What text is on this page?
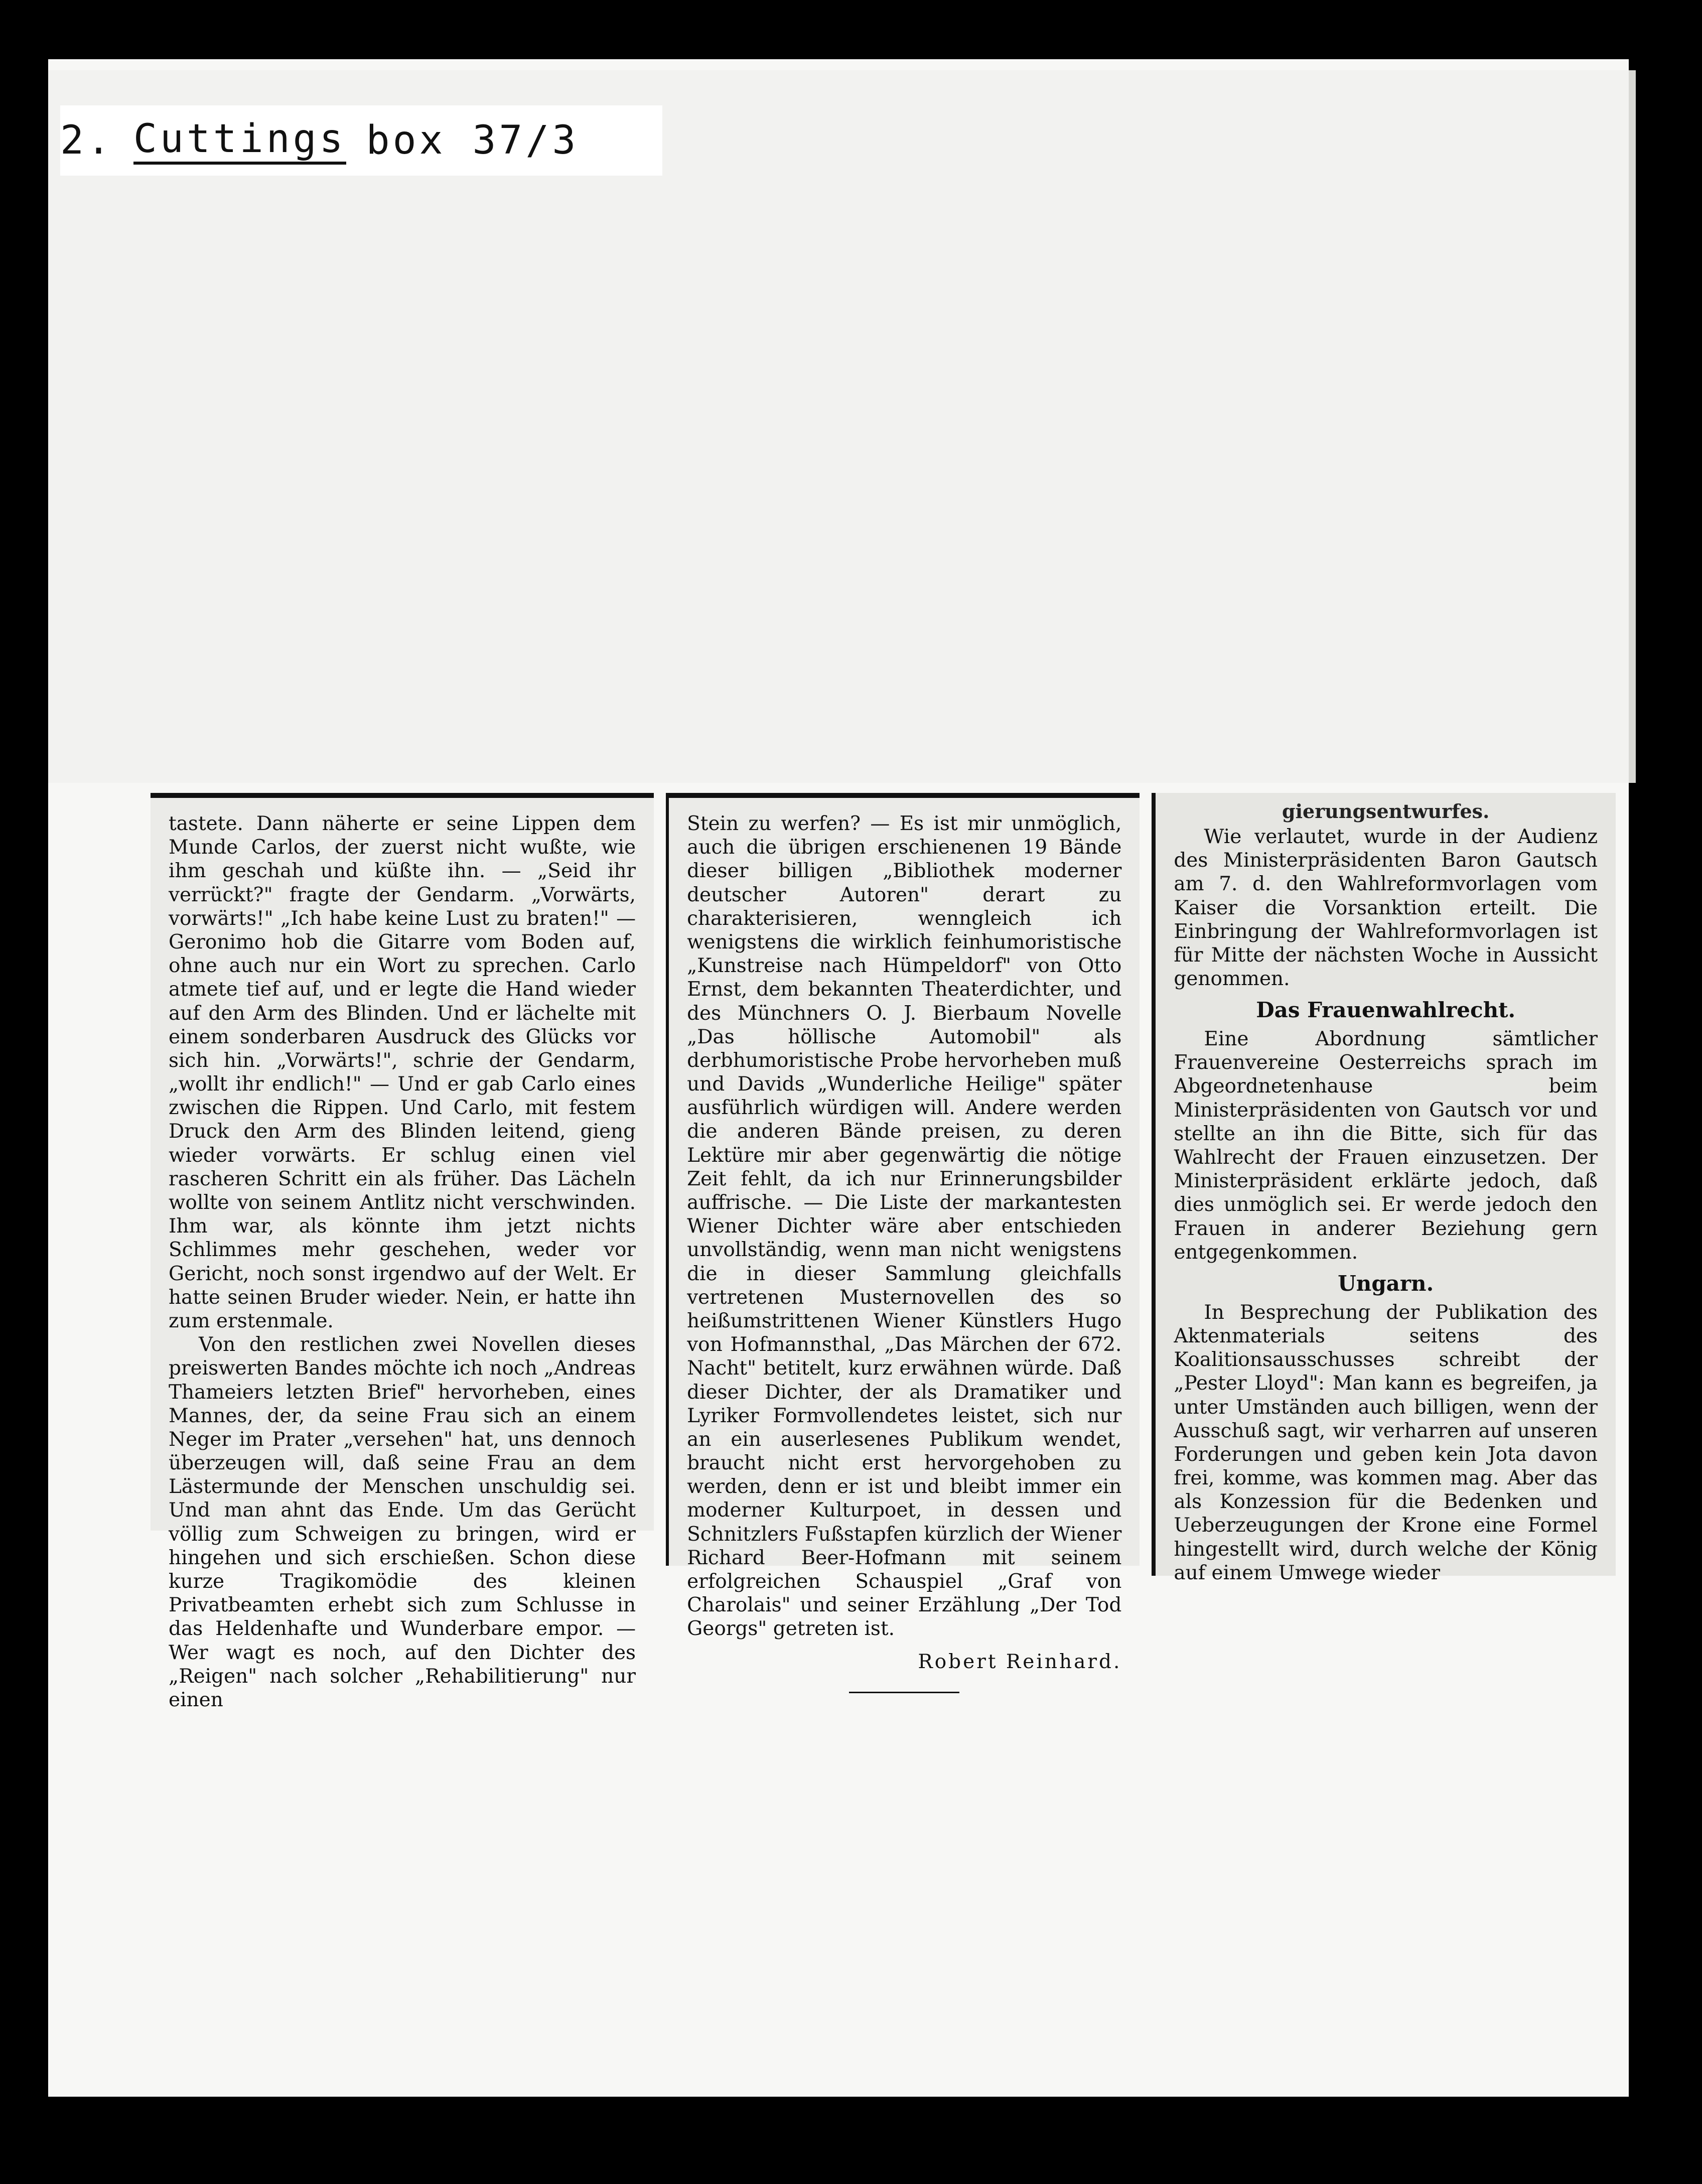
2. Cuttings box 37/3

tastete. Dann näherte er seine Lippen dem Munde Carlos, der zuerst nicht wußte, wie ihm geschah und küßte ihn. — „Seid ihr verrückt?" fragte der Gendarm. „Vorwärts, vorwärts!" „Ich habe keine Lust zu braten!" — Geronimo hob die Gitarre vom Boden auf, ohne auch nur ein Wort zu sprechen. Carlo atmete tief auf, und er legte die Hand wieder auf den Arm des Blinden. Und er lächelte mit einem sonderbaren Ausdruck des Glücks vor sich hin. „Vorwärts!", schrie der Gendarm, „wollt ihr endlich!" — Und er gab Carlo eines zwischen die Rippen. Und Carlo, mit festem Druck den Arm des Blinden leitend, gieng wieder vorwärts. Er schlug einen viel rascheren Schritt ein als früher. Das Lächeln wollte von seinem Antlitz nicht verschwinden. Ihm war, als könnte ihm jetzt nichts Schlimmes mehr geschehen, weder vor Gericht, noch sonst irgendwo auf der Welt. Er hatte seinen Bruder wieder. Nein, er hatte ihn zum erstenmale.

Von den restlichen zwei Novellen dieses preiswerten Bandes möchte ich noch „Andreas Thameiers letzten Brief" hervorheben, eines Mannes, der, da seine Frau sich an einem Neger im Prater „versehen" hat, uns dennoch überzeugen will, daß seine Frau an dem Lästermunde der Menschen unschuldig sei. Und man ahnt das Ende. Um das Gerücht völlig zum Schweigen zu bringen, wird er hingehen und sich erschießen. Schon diese kurze Tragikomödie des kleinen Privatbeamten erhebt sich zum Schlusse in das Heldenhafte und Wunderbare empor. — Wer wagt es noch, auf den Dichter des „Reigen" nach solcher „Rehabilitierung" nur einen

Stein zu werfen? — Es ist mir unmöglich, auch die übrigen erschienenen 19 Bände dieser billigen „Bibliothek moderner deutscher Autoren" derart zu charakterisieren, wenngleich ich wenigstens die wirklich feinhumoristische „Kunstreise nach Hümpeldorf" von Otto Ernst, dem bekannten Theaterdichter, und des Münchners O. J. Bierbaum Novelle „Das höllische Automobil" als derbhumoristische Probe hervorheben muß und Davids „Wunderliche Heilige" später ausführlich würdigen will. Andere werden die anderen Bände preisen, zu deren Lektüre mir aber gegenwärtig die nötige Zeit fehlt, da ich nur Erinnerungsbilder auffrische. — Die Liste der markantesten Wiener Dichter wäre aber entschieden unvollständig, wenn man nicht wenigstens die in dieser Sammlung gleichfalls vertretenen Musternovellen des so heißumstrittenen Wiener Künstlers Hugo von Hofmannsthal, „Das Märchen der 672. Nacht" betitelt, kurz erwähnen würde. Daß dieser Dichter, der als Dramatiker und Lyriker Formvollendetes leistet, sich nur an ein auserlesenes Publikum wendet, braucht nicht erst hervorgehoben zu werden, denn er ist und bleibt immer ein moderner Kulturpoet, in dessen und Schnitzlers Fußstapfen kürzlich der Wiener Richard Beer-Hofmann mit seinem erfolgreichen Schauspiel „Graf von Charolais" und seiner Erzählung „Der Tod Georgs" getreten ist.

Robert Reinhard.
gierungsentwurfes.

Wie verlautet, wurde in der Audienz des Ministerpräsidenten Baron Gautsch am 7. d. den Wahlreformvorlagen vom Kaiser die Vorsanktion erteilt. Die Einbringung der Wahlreformvorlagen ist für Mitte der nächsten Woche in Aussicht genommen.

Das Frauenwahlrecht.

Eine Abordnung sämtlicher Frauenvereine Oesterreichs sprach im Abgeordnetenhause beim Ministerpräsidenten von Gautsch vor und stellte an ihn die Bitte, sich für das Wahlrecht der Frauen einzusetzen. Der Ministerpräsident erklärte jedoch, daß dies unmöglich sei. Er werde jedoch den Frauen in anderer Beziehung gern entgegenkommen.

Ungarn.

In Besprechung der Publikation des Aktenmaterials seitens des Koalitionsausschusses schreibt der „Pester Lloyd": Man kann es begreifen, ja unter Umständen auch billigen, wenn der Ausschuß sagt, wir verharren auf unseren Forderungen und geben kein Jota davon frei, komme, was kommen mag. Aber das als Konzession für die Bedenken und Ueberzeugungen der Krone eine Formel hingestellt wird, durch welche der König auf einem Umwege wieder
